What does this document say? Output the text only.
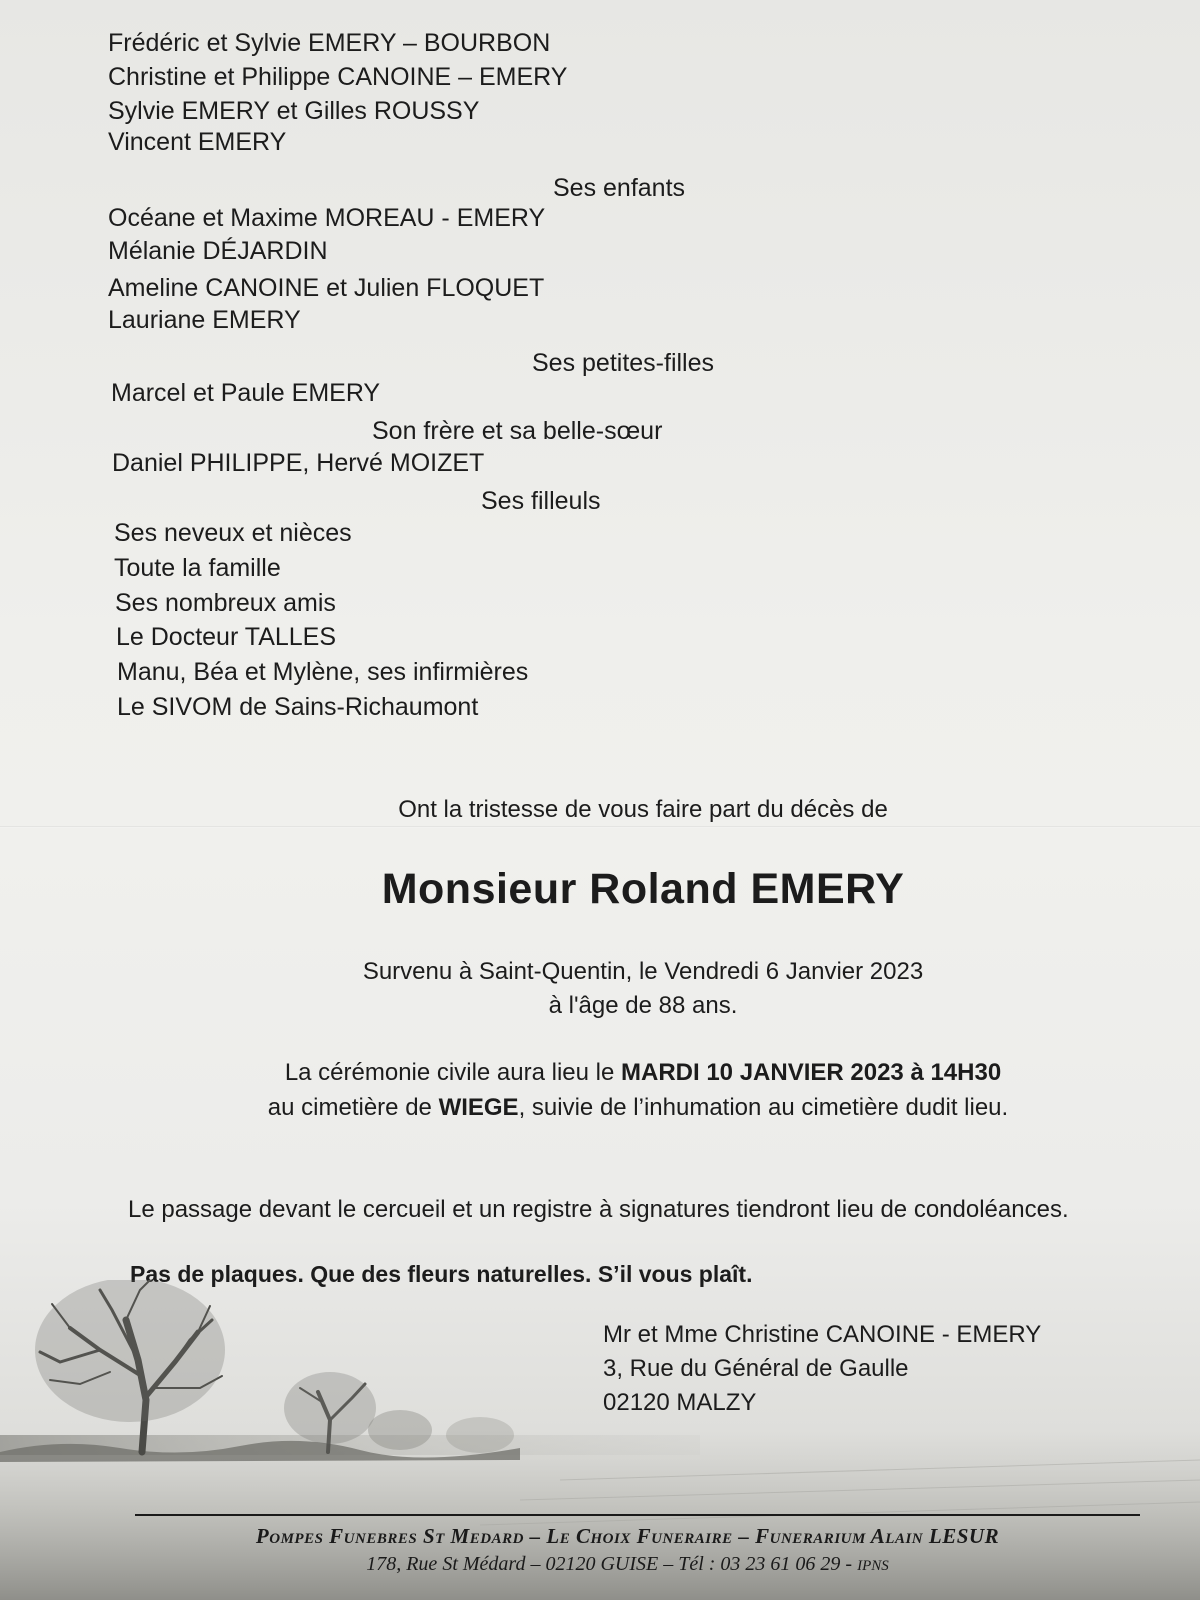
Frédéric et Sylvie EMERY – BOURBON
Christine et Philippe CANOINE – EMERY
Sylvie EMERY et Gilles ROUSSY
Vincent EMERY
Ses enfants
Océane et Maxime MOREAU - EMERY
Mélanie DÉJARDIN
Ameline CANOINE et Julien FLOQUET
Lauriane EMERY
Ses petites-filles
Marcel et Paule EMERY
Son frère et sa belle-sœur
Daniel PHILIPPE, Hervé MOIZET
Ses filleuls
Ses neveux et nièces
Toute la famille
Ses nombreux amis
Le Docteur TALLES
Manu, Béa et Mylène, ses infirmières
Le SIVOM de Sains-Richaumont
Ont la tristesse de vous faire part du décès de
Monsieur Roland EMERY
Survenu à Saint-Quentin, le Vendredi 6 Janvier 2023
à l'âge de 88 ans.
La cérémonie civile aura lieu le MARDI 10 JANVIER 2023 à 14H30
au cimetière de WIEGE, suivie de l’inhumation au cimetière dudit lieu.
Le passage devant le cercueil et un registre à signatures tiendront lieu de condoléances.
Pas de plaques. Que des fleurs naturelles. S’il vous plaît.
Mr et Mme Christine CANOINE - EMERY
3, Rue du Général de Gaulle
02120 MALZY
Pompes Funebres St Medard – Le Choix Funeraire – Funerarium Alain LESUR
178, Rue St Médard – 02120 GUISE – Tél : 03 23 61 06 29 - IPNS
